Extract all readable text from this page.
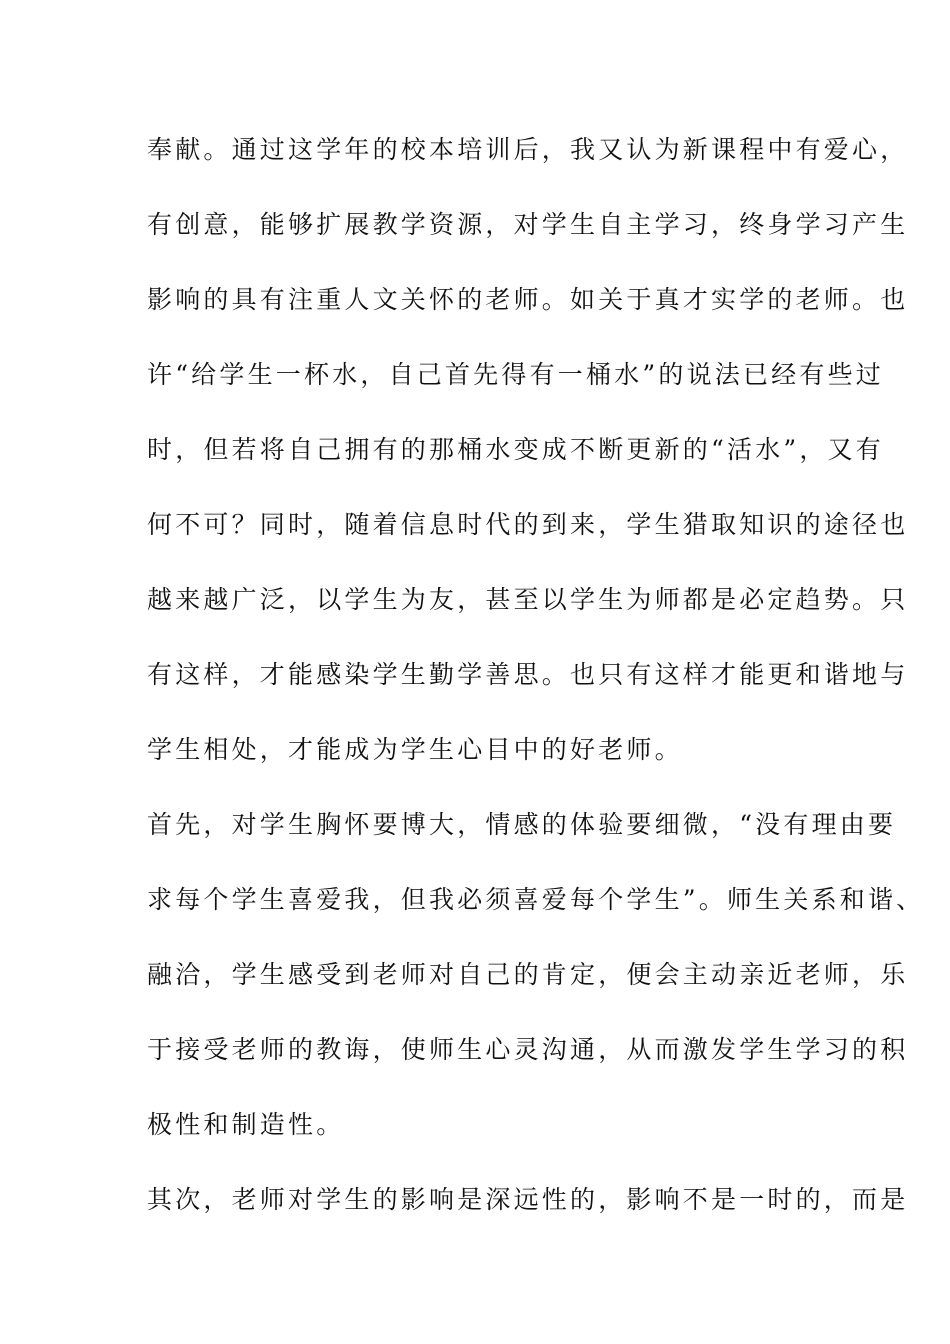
奉献。通过这学年的校本培训后，我又认为新课程中有爱心，
有创意，能够扩展教学资源，对学生自主学习，终身学习产生
影响的具有注重人文关怀的老师。如关于真才实学的老师。也
许“给学生一杯水，自己首先得有一桶水”的说法已经有些过
时，但若将自己拥有的那桶水变成不断更新的“活水”，又有
何不可？同时，随着信息时代的到来，学生猎取知识的途径也
越来越广泛，以学生为友，甚至以学生为师都是必定趋势。只
有这样，才能感染学生勤学善思。也只有这样才能更和谐地与
学生相处，才能成为学生心目中的好老师。
首先，对学生胸怀要博大，情感的体验要细微，“没有理由要
求每个学生喜爱我，但我必须喜爱每个学生”。师生关系和谐、
融洽，学生感受到老师对自己的肯定，便会主动亲近老师，乐
于接受老师的教诲，使师生心灵沟通，从而激发学生学习的积
极性和制造性。
其次，老师对学生的影响是深远性的，影响不是一时的，而是
